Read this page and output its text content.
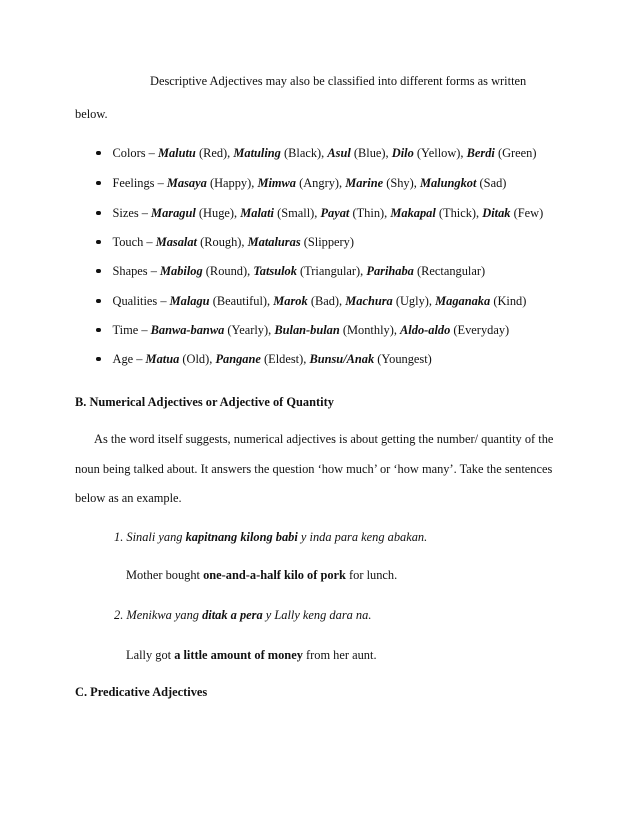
Descriptive Adjectives may also be classified into different forms as written
below.
Colors – Malutu (Red), Matuling (Black), Asul (Blue), Dilo (Yellow), Berdi (Green)
Feelings – Masaya (Happy), Mimwa (Angry), Marine (Shy), Malungkot (Sad)
Sizes – Maragul (Huge), Malati (Small), Payat (Thin), Makapal (Thick), Ditak (Few)
Touch – Masalat (Rough), Mataluras (Slippery)
Shapes – Mabilog (Round), Tatsulok (Triangular), Parihaba (Rectangular)
Qualities – Malagu (Beautiful), Marok (Bad), Machura (Ugly), Maganaka (Kind)
Time – Banwa-banwa (Yearly), Bulan-bulan (Monthly), Aldo-aldo (Everyday)
Age – Matua (Old), Pangane (Eldest), Bunsu/Anak (Youngest)
B. Numerical Adjectives or Adjective of Quantity
As the word itself suggests, numerical adjectives is about getting the number/ quantity of the
noun being talked about. It answers the question ‘how much’ or ‘how many’. Take the sentences
below as an example.
1. Sinali yang kapitnang kilong babi y inda para keng abakan.
Mother bought one-and-a-half kilo of pork for lunch.
2. Menikwa yang ditak a pera y Lally keng dara na.
Lally got a little amount of money from her aunt.
C. Predicative Adjectives
